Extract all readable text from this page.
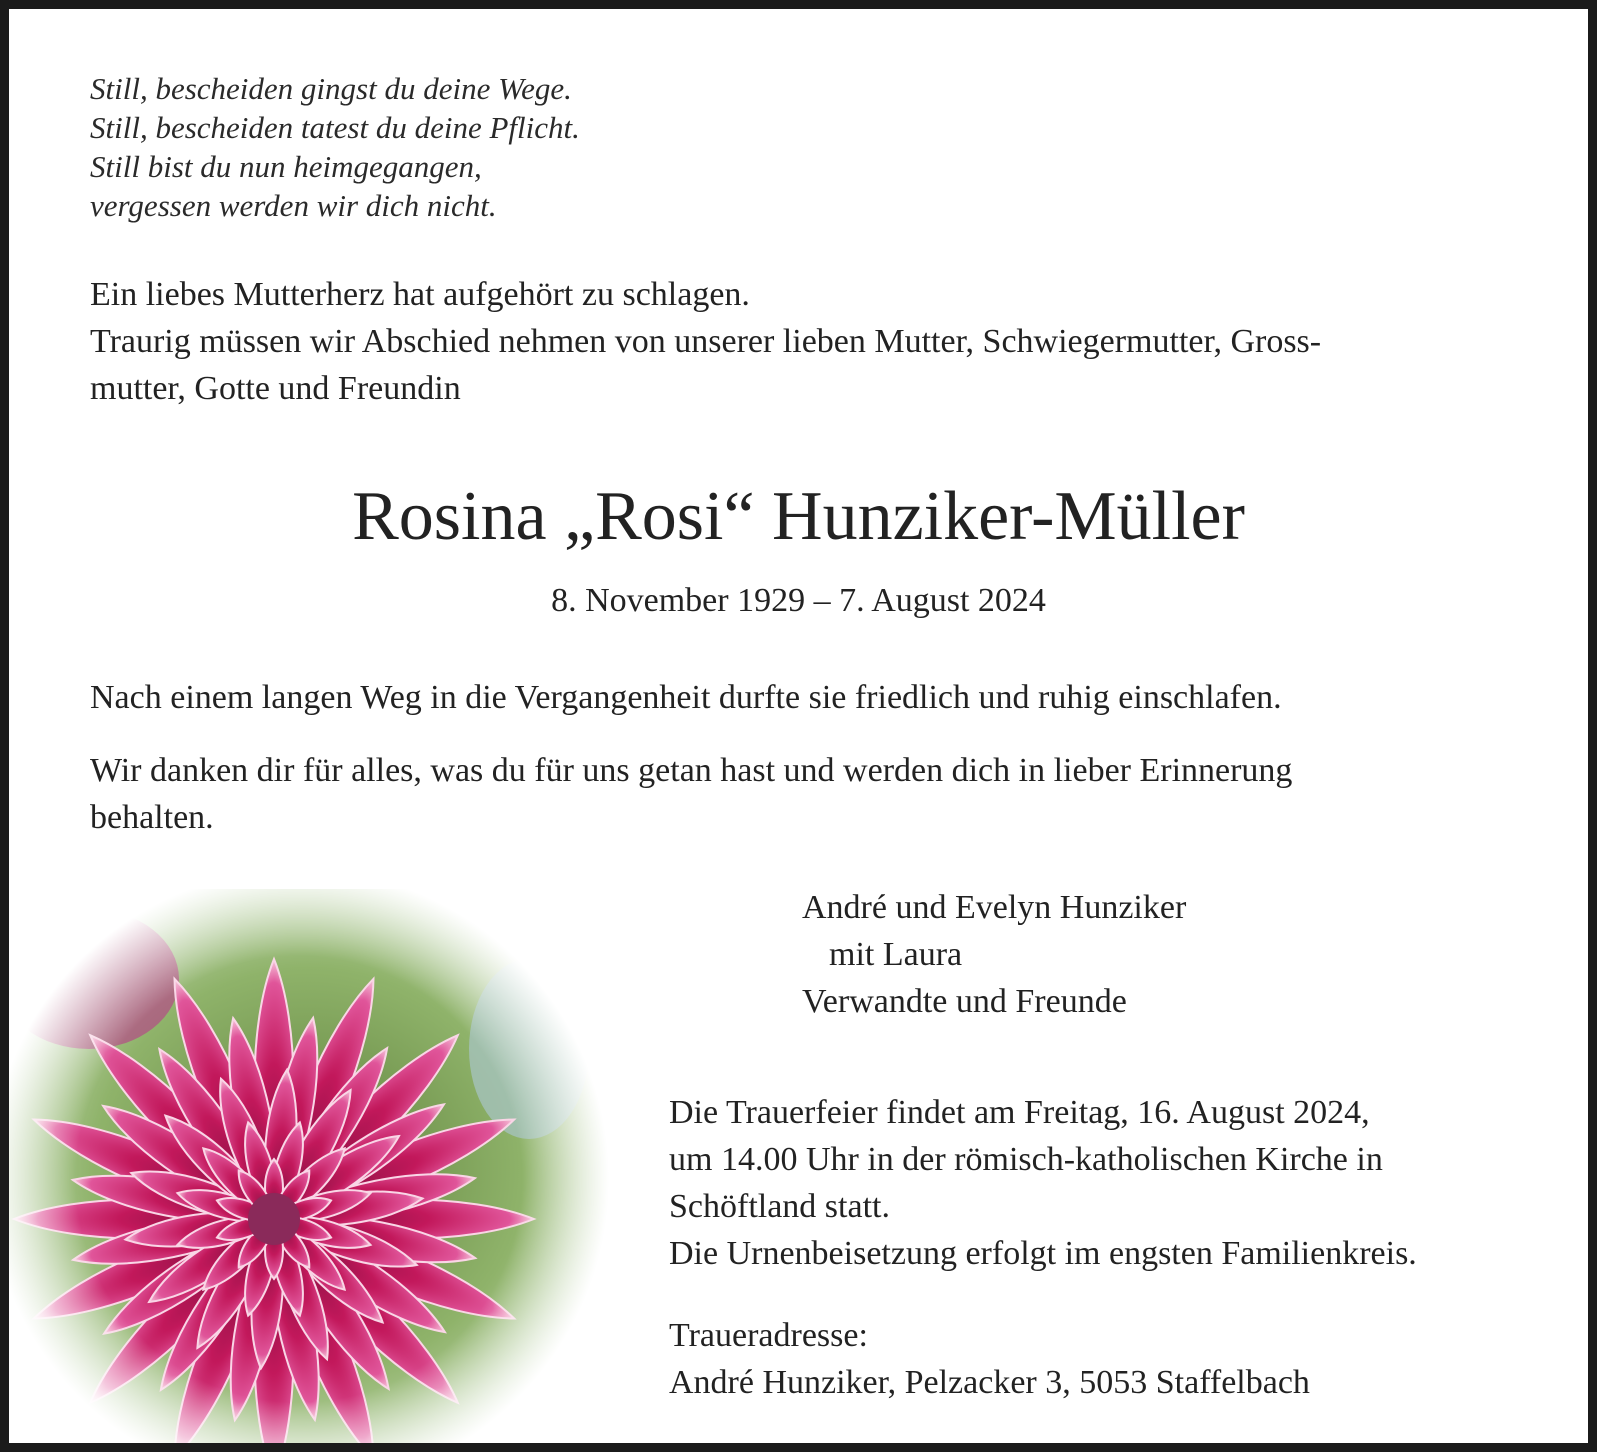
Still, bescheiden gingst du deine Wege.
Still, bescheiden tatest du deine Pflicht.
Still bist du nun heimgegangen,
vergessen werden wir dich nicht.
Ein liebes Mutterherz hat aufgehört zu schlagen.
Traurig müssen wir Abschied nehmen von unserer lieben Mutter, Schwiegermutter, Gross-
mutter, Gotte und Freundin
Rosina „Rosi“ Hunziker-Müller
8. November 1929 – 7. August 2024
Nach einem langen Weg in die Vergangenheit durfte sie friedlich und ruhig einschlafen.
Wir danken dir für alles, was du für uns getan hast und werden dich in lieber Erinnerung
behalten.
André und Evelyn Hunziker
mit Laura
Verwandte und Freunde
Die Trauerfeier findet am Freitag, 16. August 2024,
um 14.00 Uhr in der römisch-katholischen Kirche in
Schöftland statt.
Die Urnenbeisetzung erfolgt im engsten Familienkreis.
Traueradresse:
André Hunziker, Pelzacker 3, 5053 Staffelbach
